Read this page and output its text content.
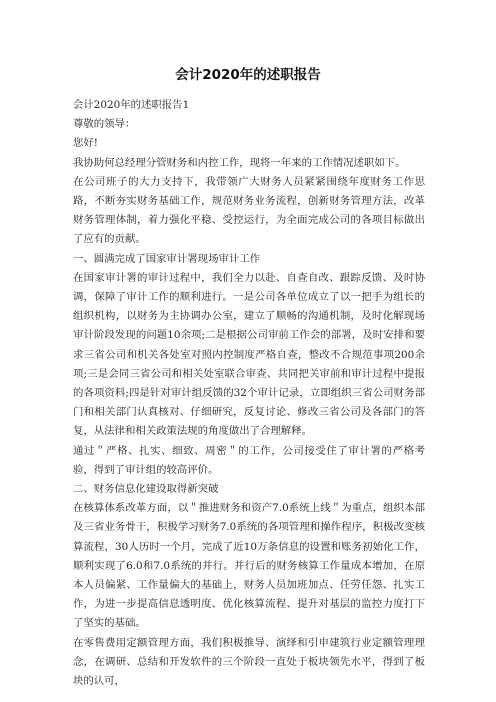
会计2020年的述职报告

会计2020年的述职报告1

尊敬的领导：

您好!

我协助何总经理分管财务和内控工作，现将一年来的工作情况述职如下。

在公司班子的大力支持下，我带领广大财务人员紧紧围绕年度财务工作思路，不断夯实财务基础工作，规范财务业务流程，创新财务管理方法，改革财务管理体制，着力强化平稳、受控运行，为全面完成公司的各项目标做出了应有的贡献。

一、圆满完成了国家审计署现场审计工作

在国家审计署的审计过程中，我们全力以赴、自查自改、跟踪反馈、及时协调，保障了审计工作的顺利进行。一是公司各单位成立了以一把手为组长的组织机构，以财务为主协调办公室，建立了顺畅的沟通机制，及时化解现场审计阶段发现的问题10余项;二是根据公司审前工作会的部署，及时安排和要求三省公司和机关各处室对照内控制度严格自查，整改不合规范事项200余项;三是会同三省公司和相关处室联合审查、共同把关审前和审计过程中提报的各项资料;四是针对审计组反馈的32个审计记录，立即组织三省公司财务部门和相关部门认真核对、仔细研究，反复讨论、修改三省公司及各部门的答复，从法律和相关政策法规的角度做出了合理解释。

通过＂严格、扎实、细致、周密＂的工作，公司接受住了审计署的严格考验，得到了审计组的较高评价。

二、财务信息化建设取得新突破

在核算体系改革方面，以＂推进财务和资产7.0系统上线＂为重点，组织本部及三省业务骨干，积极学习财务7.0系统的各项管理和操作程序，积极改变核算流程，30人历时一个月，完成了近10万条信息的设置和账务初始化工作，顺利实现了6.0和7.0系统的并行。并行后的财务核算工作量成本增加，在原本人员偏紧、工作量偏大的基础上，财务人员加班加点、任劳任怨、扎实工作，为进一步提高信息透明度、优化核算流程、提升对基层的监控力度打下了坚实的基础。

在零售费用定额管理方面，我们积极推导、演绎和引申建筑行业定额管理理念，在调研、总结和开发软件的三个阶段一直处于板块领先水平，得到了板块的认可，
